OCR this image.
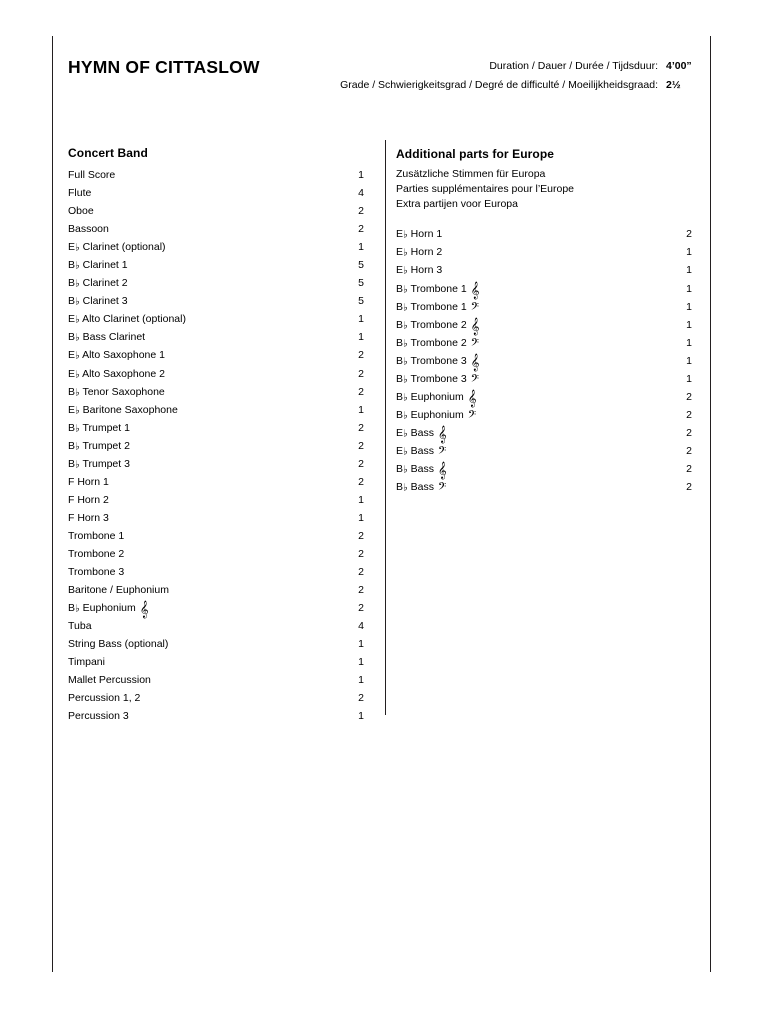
HYMN OF CITTASLOW	Duration / Dauer / Durée / Tijdsduur: 4’00”
Grade / Schwierigkeitsgrad / Degré de difficulté / Moeilijkheidsgraad: 2½
Concert Band
Full Score	1
Flute	4
Oboe	2
Bassoon	2
E♭ Clarinet (optional)	1
B♭ Clarinet 1	5
B♭ Clarinet 2	5
B♭ Clarinet 3	5
E♭ Alto Clarinet (optional)	1
B♭ Bass Clarinet	1
E♭ Alto Saxophone 1	2
E♭ Alto Saxophone 2	2
B♭ Tenor Saxophone	2
E♭ Baritone Saxophone	1
B♭ Trumpet 1	2
B♭ Trumpet 2	2
B♭ Trumpet 3	2
F Horn 1	2
F Horn 2	1
F Horn 3	1
Trombone 1	2
Trombone 2	2
Trombone 3	2
Baritone / Euphonium	2
B♭ Euphonium 𝄞	2
Tuba	4
String Bass (optional)	1
Timpani	1
Mallet Percussion	1
Percussion 1, 2	2
Percussion 3	1
Additional parts for Europe
Zusätzliche Stimmen für Europa
Parties supplémentaires pour l’Europe
Extra partijen voor Europa
E♭ Horn 1	2
E♭ Horn 2	1
E♭ Horn 3	1
B♭ Trombone 1 𝄞	1
B♭ Trombone 1 𝄢	1
B♭ Trombone 2 𝄞	1
B♭ Trombone 2 𝄢	1
B♭ Trombone 3 𝄞	1
B♭ Trombone 3 𝄢	1
B♭ Euphonium 𝄞	2
B♭ Euphonium 𝄢	2
E♭ Bass 𝄞	2
E♭ Bass 𝄢	2
B♭ Bass 𝄞	2
B♭ Bass 𝄢	2
